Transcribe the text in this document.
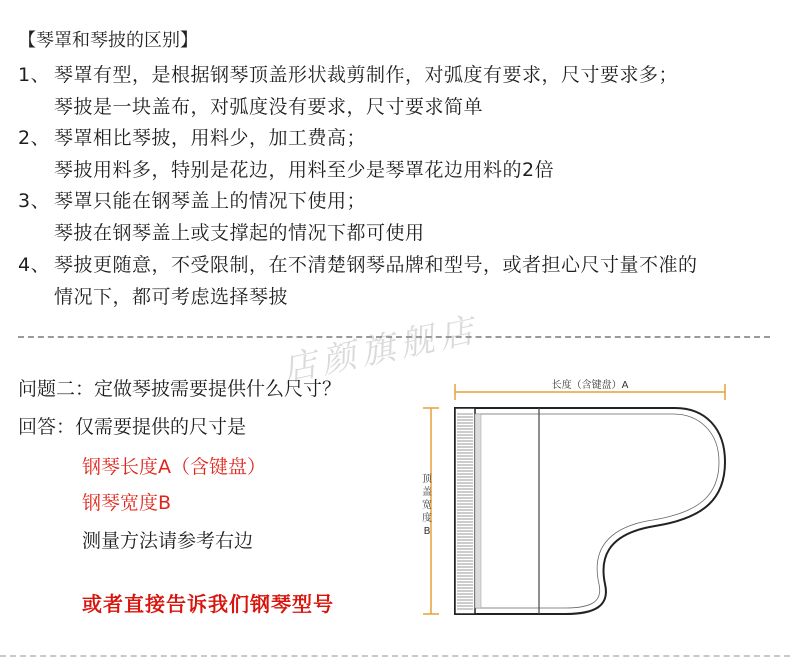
【琴罩和琴披的区别】
1、 琴罩有型，是根据钢琴顶盖形状裁剪制作，对弧度有要求，尺寸要求多；
琴披是一块盖布，对弧度没有要求，尺寸要求简单
2、 琴罩相比琴披，用料少，加工费高；
琴披用料多，特别是花边，用料至少是琴罩花边用料的2倍
3、 琴罩只能在钢琴盖上的情况下使用；
琴披在钢琴盖上或支撑起的情况下都可使用
4、 琴披更随意，不受限制，在不清楚钢琴品牌和型号，或者担心尺寸量不准的
情况下，都可考虑选择琴披
店颜旗舰店
问题二：定做琴披需要提供什么尺寸？
回答：仅需要提供的尺寸是
钢琴长度A（含键盘）
钢琴宽度B
测量方法请参考右边
或者直接告诉我们钢琴型号
长度（含键盘）A
顶
盖
宽
度
B
